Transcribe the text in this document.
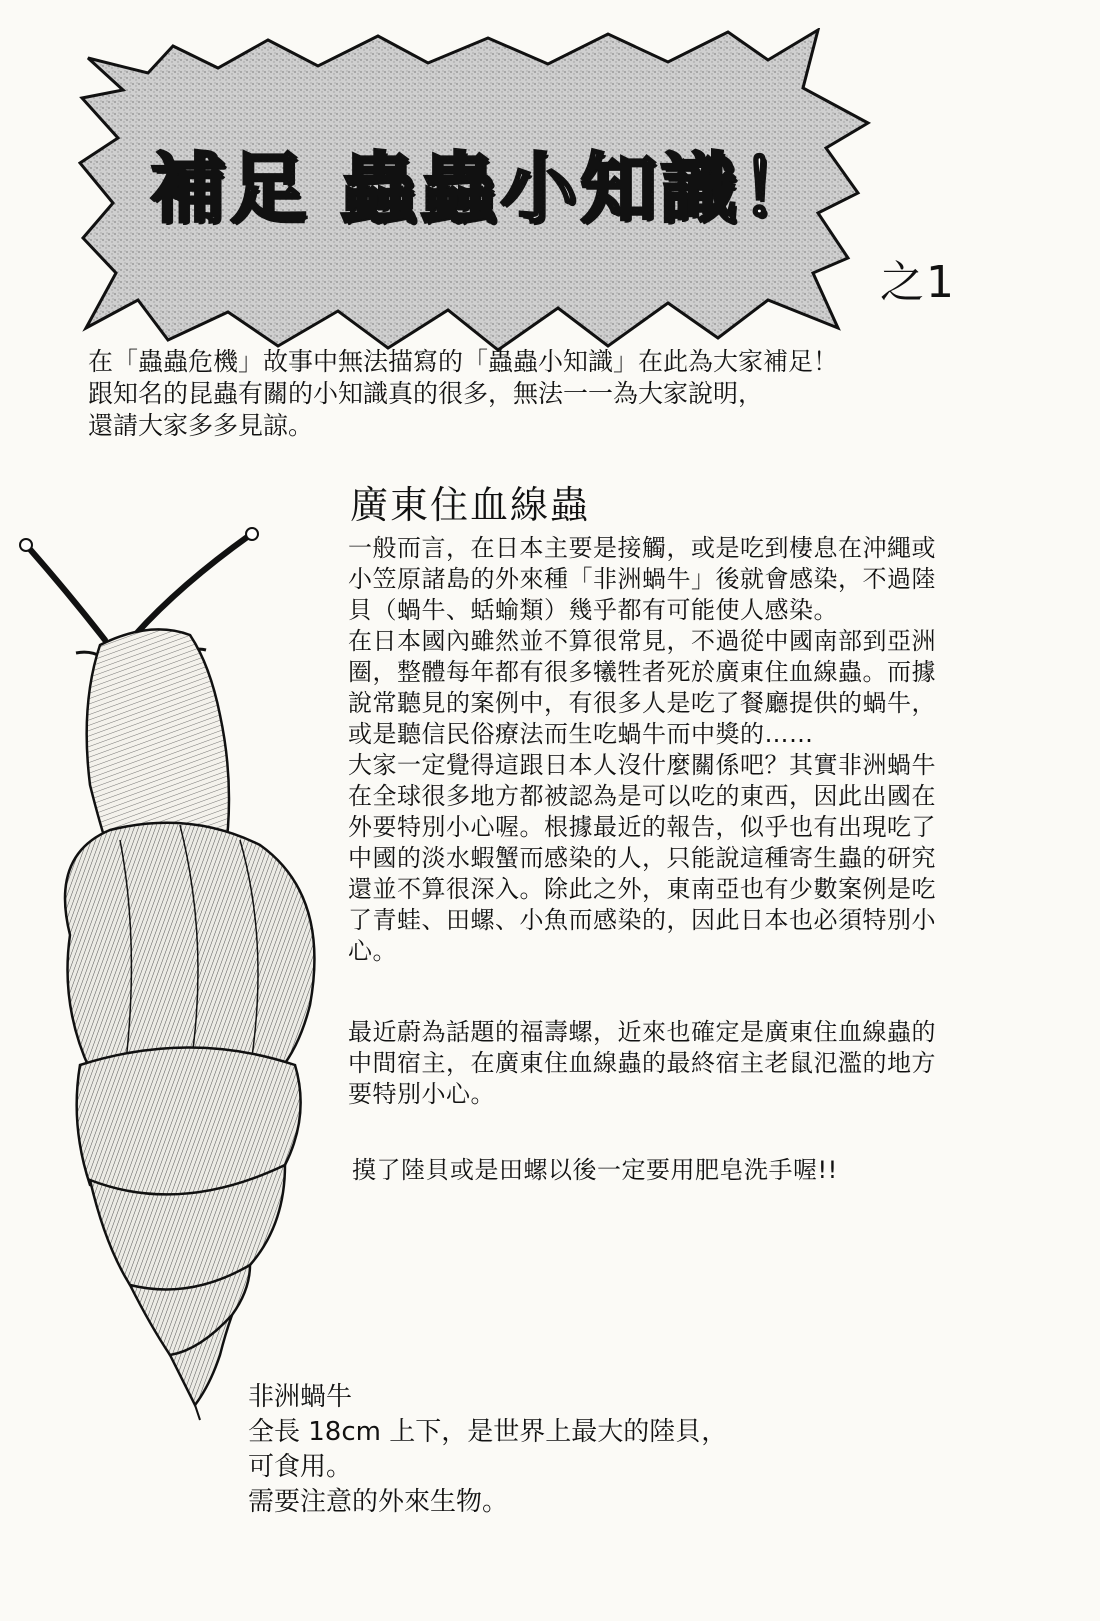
補足 蟲蟲小知識！
之1

在「蟲蟲危機」故事中無法描寫的「蟲蟲小知識」在此為大家補足！

跟知名的昆蟲有關的小知識真的很多，無法一一為大家說明，

還請大家多多見諒。

廣東住血線蟲

一般而言，在日本主要是接觸，或是吃到棲息在沖繩或

小笠原諸島的外來種「非洲蝸牛」後就會感染，不過陸

貝（蝸牛、蛞蝓類）幾乎都有可能使人感染。

在日本國內雖然並不算很常見，不過從中國南部到亞洲

圈，整體每年都有很多犧牲者死於廣東住血線蟲。而據

說常聽見的案例中，有很多人是吃了餐廳提供的蝸牛，

或是聽信民俗療法而生吃蝸牛而中獎的……

大家一定覺得這跟日本人沒什麼關係吧？其實非洲蝸牛

在全球很多地方都被認為是可以吃的東西，因此出國在

外要特別小心喔。根據最近的報告，似乎也有出現吃了

中國的淡水蝦蟹而感染的人，只能說這種寄生蟲的研究

還並不算很深入。除此之外，東南亞也有少數案例是吃

了青蛙、田螺、小魚而感染的，因此日本也必須特別小

心。

最近蔚為話題的福壽螺，近來也確定是廣東住血線蟲的

中間宿主，在廣東住血線蟲的最終宿主老鼠氾濫的地方

要特別小心。

摸了陸貝或是田螺以後一定要用肥皂洗手喔!!

非洲蝸牛

全長 18cm 上下，是世界上最大的陸貝，

可食用。

需要注意的外來生物。
